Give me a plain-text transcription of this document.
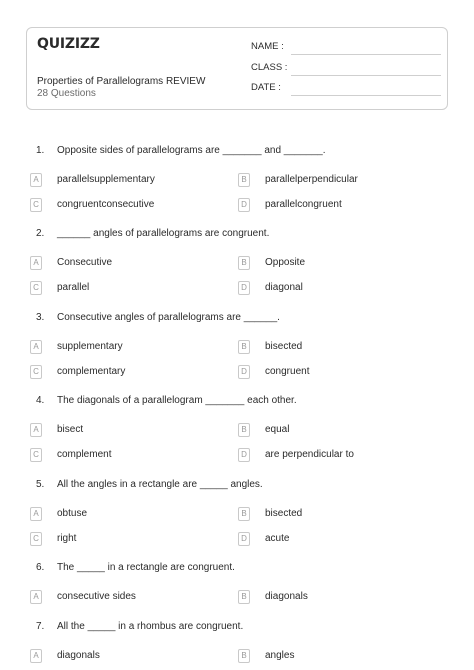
QUIZIZZ
Properties of Parallelograms REVIEW
28 Questions
NAME :
CLASS :
DATE :
1. Opposite sides of parallelograms are _______ and _______.
A	parallelsupplementary	B	parallelperpendicular
C	congruentconsecutive	D	parallelcongruent
2. ______ angles of parallelograms are congruent.
A	Consecutive	B	Opposite
C	parallel	D	diagonal
3. Consecutive angles of parallelograms are ______.
A	supplementary	B	bisected
C	complementary	D	congruent
4. The diagonals of a parallelogram _______ each other.
A	bisect	B	equal
C	complement	D	are perpendicular to
5. All the angles in a rectangle are _____ angles.
A	obtuse	B	bisected
C	right	D	acute
6. The _____ in a rectangle are congruent.
A	consecutive sides	B	diagonals
7. All the _____ in a rhombus are congruent.
A	diagonals	B	angles
